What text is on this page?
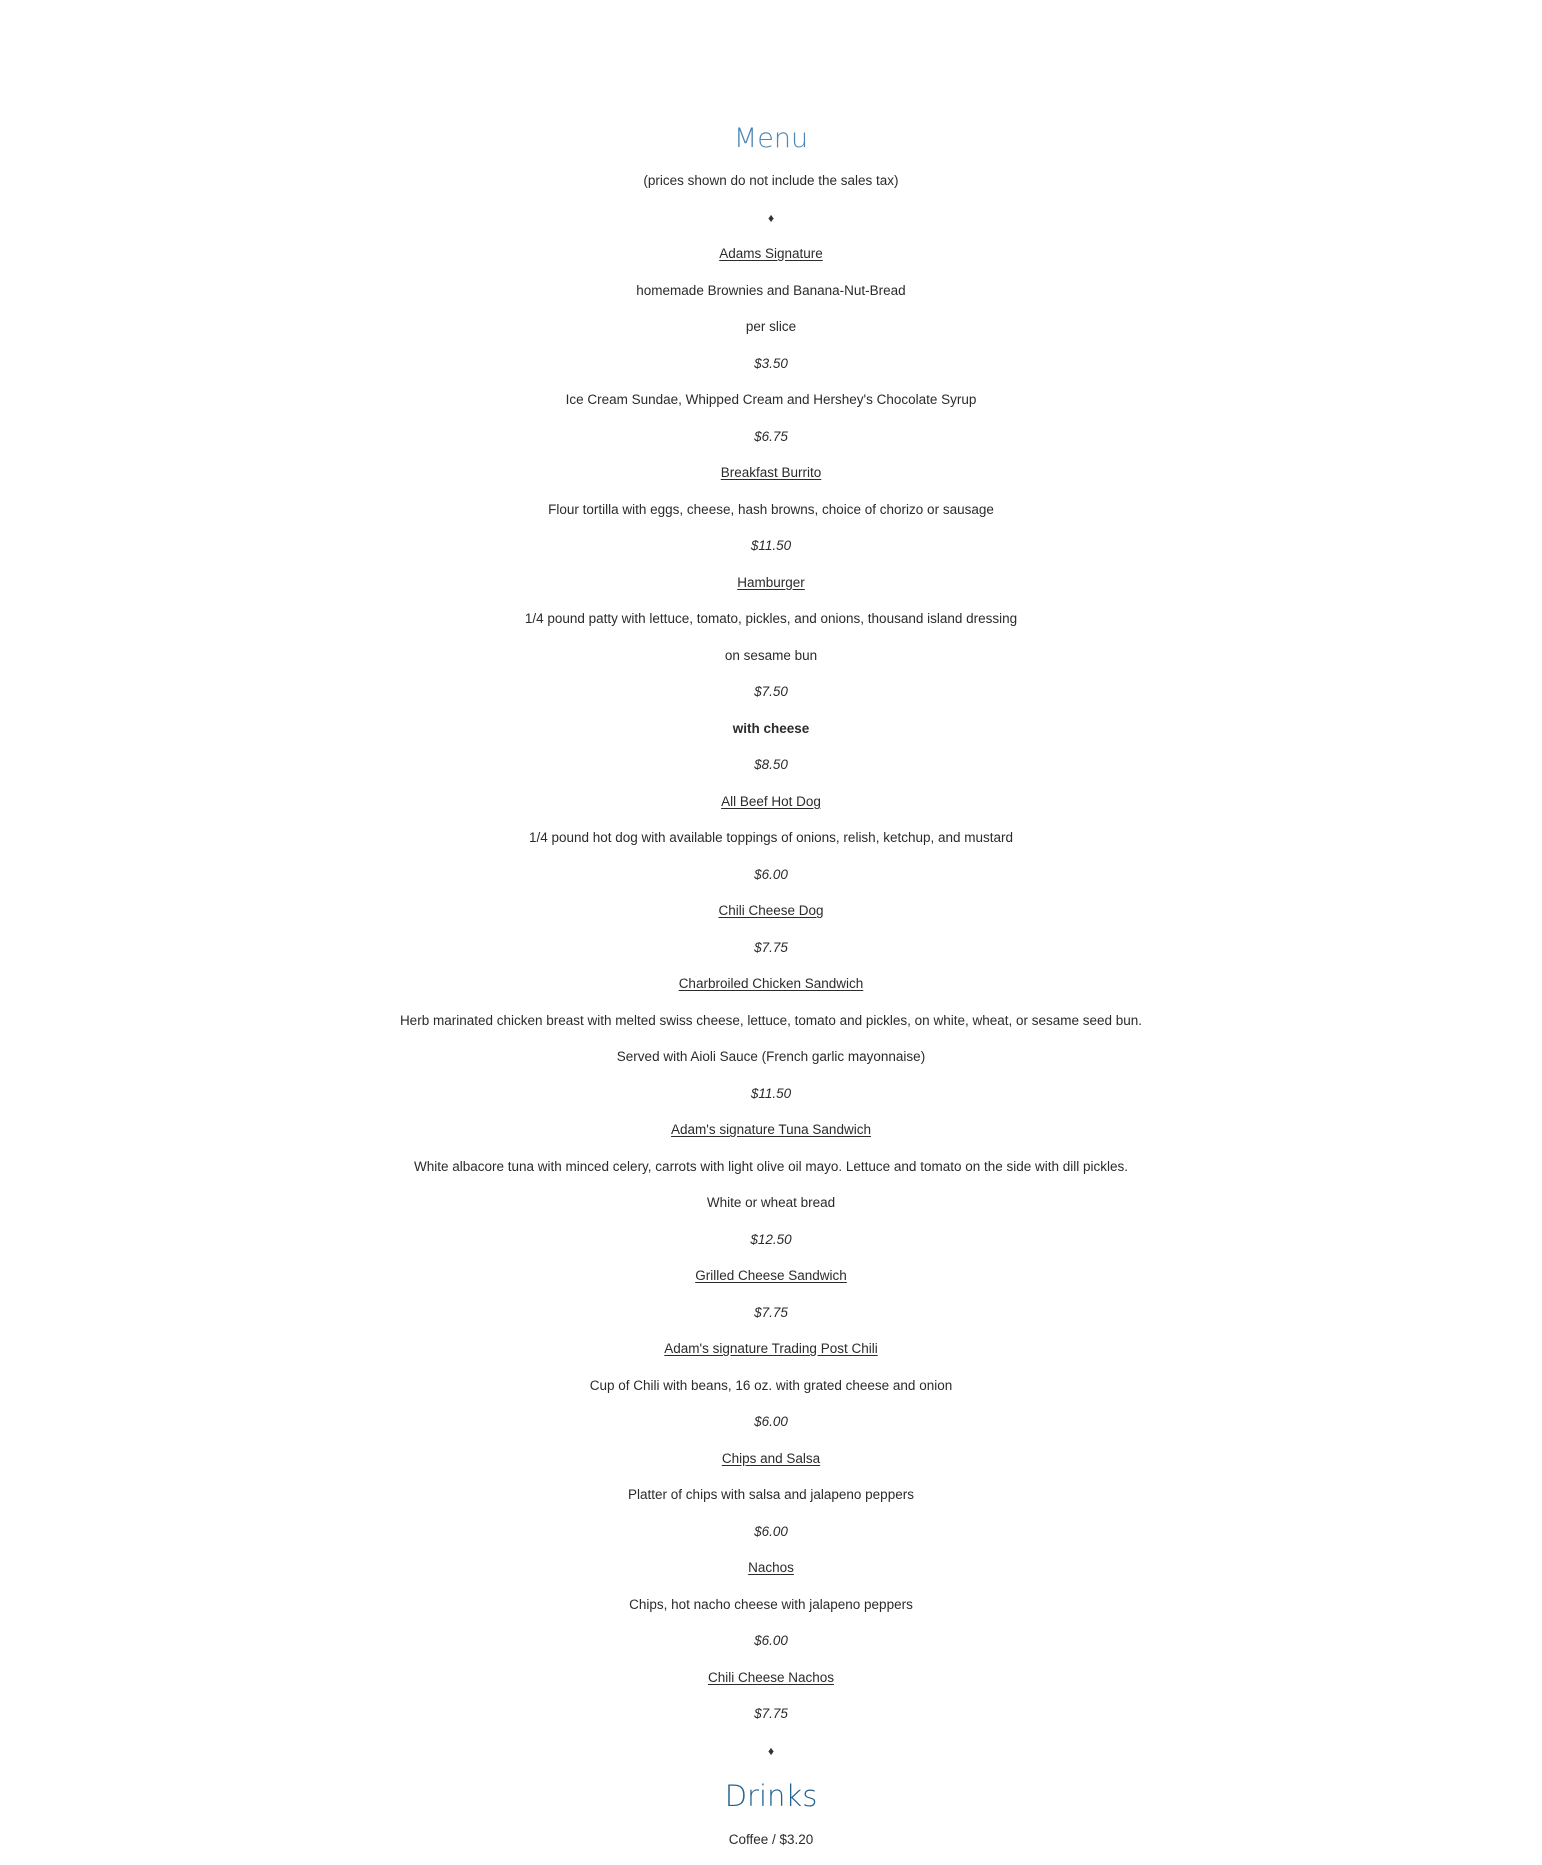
Menu
(prices shown do not include the sales tax)
♦
Adams Signature
homemade Brownies and Banana-Nut-Bread
per slice
$3.50
Ice Cream Sundae, Whipped Cream and Hershey's Chocolate Syrup
$6.75
Breakfast Burrito
Flour tortilla with eggs, cheese, hash browns, choice of chorizo or sausage
$11.50
Hamburger
1/4 pound patty with lettuce, tomato, pickles, and onions, thousand island dressing
on sesame bun
$7.50
with cheese
$8.50
All Beef Hot Dog
1/4 pound hot dog with available toppings of onions, relish, ketchup, and mustard
$6.00
Chili Cheese Dog
$7.75
Charbroiled Chicken Sandwich
Herb marinated chicken breast with melted swiss cheese, lettuce, tomato and pickles, on white, wheat, or sesame seed bun.
Served with Aioli Sauce (French garlic mayonnaise)
$11.50
Adam's signature Tuna Sandwich
White albacore tuna with minced celery, carrots with light olive oil mayo. Lettuce and tomato on the side with dill pickles.
White or wheat bread
$12.50
Grilled Cheese Sandwich
$7.75
Adam's signature Trading Post Chili
Cup of Chili with beans, 16 oz. with grated cheese and onion
$6.00
Chips and Salsa
Platter of chips with salsa and jalapeno peppers
$6.00
Nachos
Chips, hot nacho cheese with jalapeno peppers
$6.00
Chili Cheese Nachos
$7.75
♦
Drinks
Coffee / $3.20
